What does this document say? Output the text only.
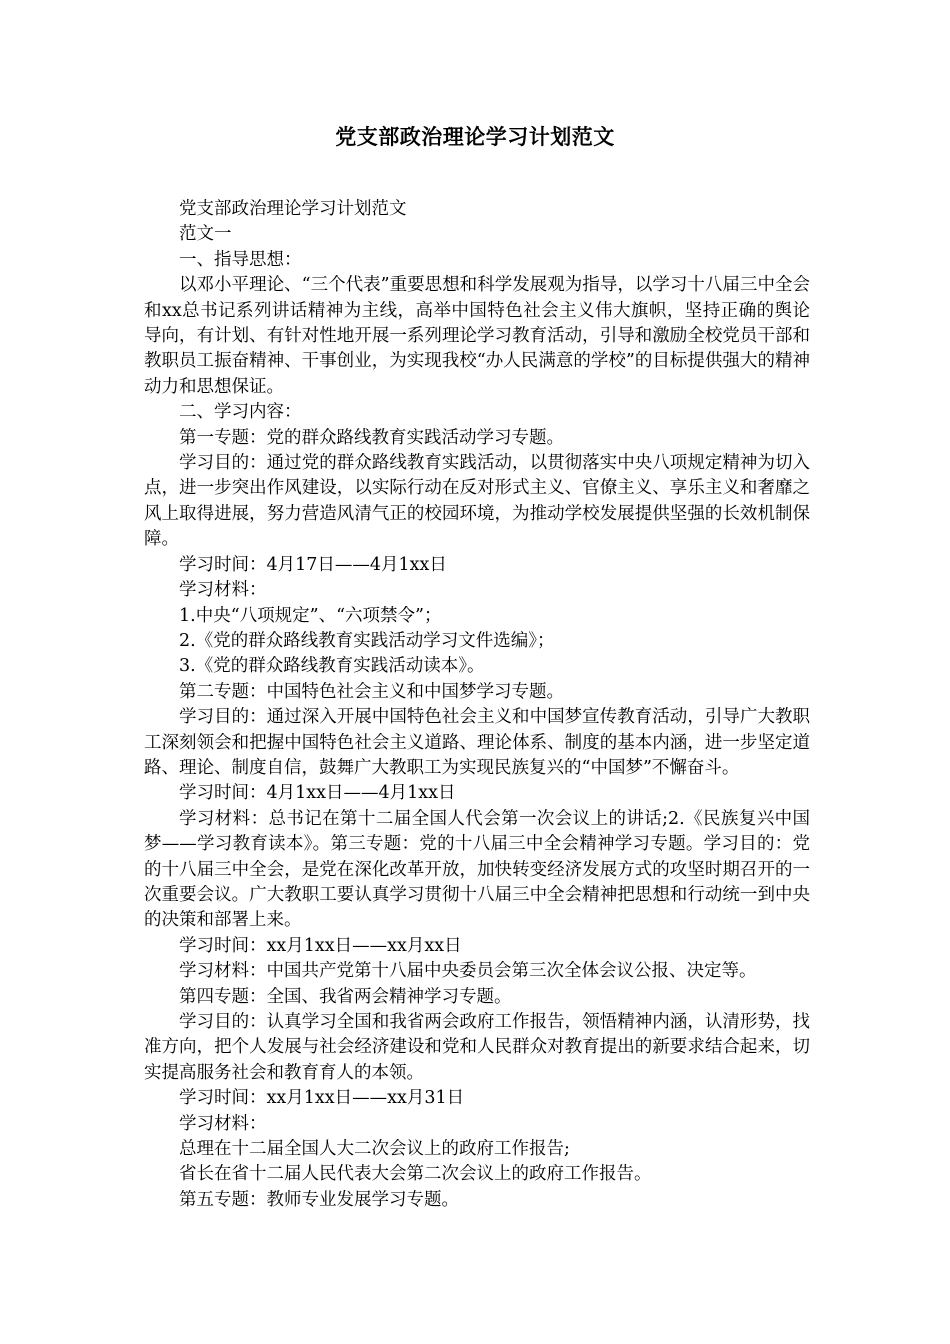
党支部政治理论学习计划范文

党支部政治理论学习计划范文

范文一

一、指导思想：

以邓小平理论、“三个代表”重要思想和科学发展观为指导，以学习十八届三中全会和xx总书记系列讲话精神为主线，高举中国特色社会主义伟大旗帜，坚持正确的舆论导向，有计划、有针对性地开展一系列理论学习教育活动，引导和激励全校党员干部和教职员工振奋精神、干事创业，为实现我校“办人民满意的学校”的目标提供强大的精神动力和思想保证。

二、学习内容：

第一专题：党的群众路线教育实践活动学习专题。

学习目的：通过党的群众路线教育实践活动，以贯彻落实中央八项规定精神为切入点，进一步突出作风建设，以实际行动在反对形式主义、官僚主义、享乐主义和奢靡之风上取得进展，努力营造风清气正的校园环境，为推动学校发展提供坚强的长效机制保障。

学习时间：4月17日——4月1xx日

学习材料：

1.中央“八项规定”、“六项禁令”；

2.《党的群众路线教育实践活动学习文件选编》；

3.《党的群众路线教育实践活动读本》。

第二专题：中国特色社会主义和中国梦学习专题。

学习目的：通过深入开展中国特色社会主义和中国梦宣传教育活动，引导广大教职工深刻领会和把握中国特色社会主义道路、理论体系、制度的基本内涵，进一步坚定道路、理论、制度自信，鼓舞广大教职工为实现民族复兴的“中国梦”不懈奋斗。

学习时间：4月1xx日——4月1xx日

学习材料：总书记在第十二届全国人代会第一次会议上的讲话;2.《民族复兴中国梦——学习教育读本》。第三专题：党的十八届三中全会精神学习专题。学习目的：党的十八届三中全会，是党在深化改革开放，加快转变经济发展方式的攻坚时期召开的一次重要会议。广大教职工要认真学习贯彻十八届三中全会精神把思想和行动统一到中央的决策和部署上来。

学习时间：xx月1xx日——xx月xx日

学习材料：中国共产党第十八届中央委员会第三次全体会议公报、决定等。

第四专题：全国、我省两会精神学习专题。

学习目的：认真学习全国和我省两会政府工作报告，领悟精神内涵，认清形势，找准方向，把个人发展与社会经济建设和党和人民群众对教育提出的新要求结合起来，切实提高服务社会和教育育人的本领。

学习时间：xx月1xx日——xx月31日

学习材料：

总理在十二届全国人大二次会议上的政府工作报告;

省长在省十二届人民代表大会第二次会议上的政府工作报告。

第五专题：教师专业发展学习专题。
